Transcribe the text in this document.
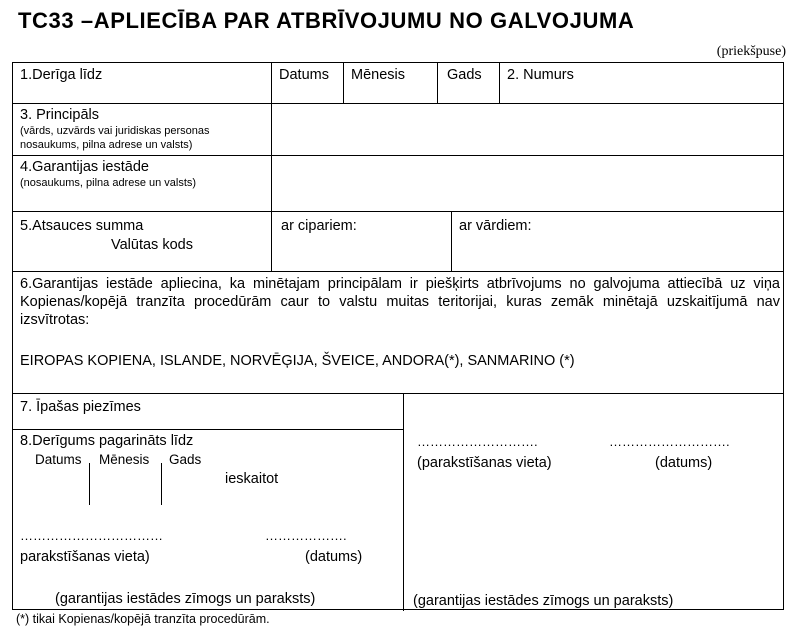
TC33 –APLIECĪBA PAR ATBRĪVOJUMU NO GALVOJUMA
(priekšpuse)
1.Derīga līdz	Datums Mēnesis	Gads 2. Numurs
3. Principāls
(vārds, uzvārds vai juridiskas personas
nosaukums, pilna adrese un valsts)
4.Garantijas iestāde
(nosaukums, pilna adrese un valsts)
5.Atsauces summa
Valūtas kods
ar cipariem:	ar vārdiem:
6.Garantijas iestāde apliecina, ka minētajam principālam ir piešķirts atbrīvojums no galvojuma attiecībā uz viņa Kopienas/kopējā tranzīta procedūrām caur to valstu muitas teritorijai, kuras zemāk minētajā uzskaitījumā nav izsvītrotas:
EIROPAS KOPIENA, ISLANDE, NORVĒĢIJA, ŠVEICE, ANDORA(*), SANMARINO (*)
7. Īpašas piezīmes
8.Derīgums pagarināts līdz
Datums Mēnesis Gads
ieskaitot
……………………………	……………….
parakstīšanas vieta)	(datums)
(garantijas iestādes zīmogs un paraksts)
……………………….	……………………….
(parakstīšanas vieta)	(datums)
(garantijas iestādes zīmogs un paraksts)
(*) tikai Kopienas/kopējā tranzīta procedūrām.
